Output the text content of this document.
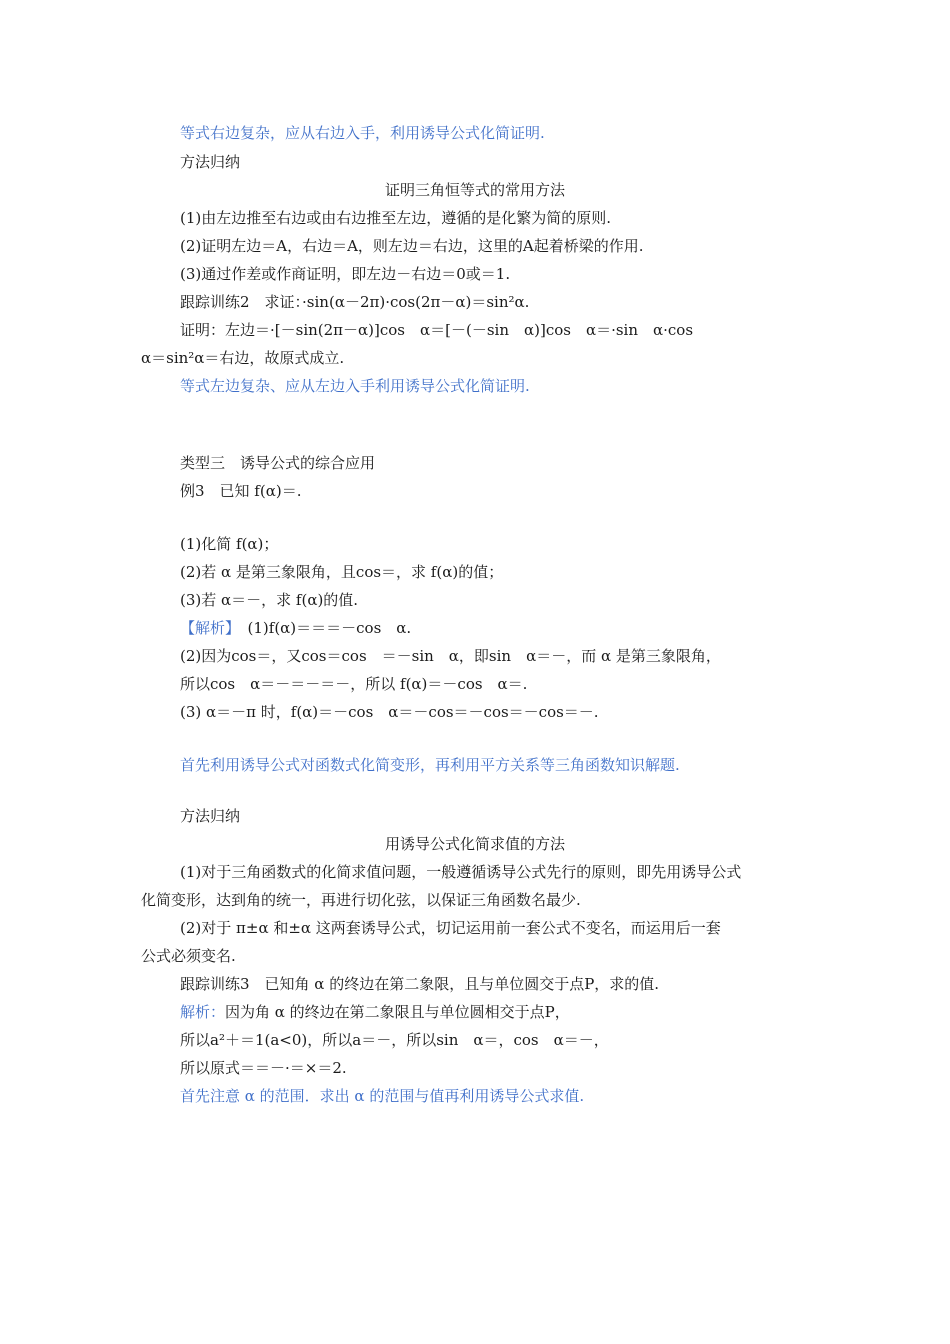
等式右边复杂，应从右边入手，利用诱导公式化简证明.
方法归纳
证明三角恒等式的常用方法
(1)由左边推至右边或由右边推至左边，遵循的是化繁为简的原则.
(2)证明左边＝A，右边＝A，则左边＝右边，这里的A起着桥梁的作用.
(3)通过作差或作商证明，即左边－右边＝0或＝1.
跟踪训练2　求证：·sin(α－2π)·cos(2π－α)＝sin²α.
证明：左边＝·[－sin(2π－α)]cos　α＝[－(－sin　α)]cos　α＝·sin　α·cos
α＝sin²α＝右边，故原式成立.
等式左边复杂、应从左边入手利用诱导公式化简证明.
类型三　诱导公式的综合应用
例3　已知 f(α)＝.
(1)化简 f(α)；
(2)若 α 是第三象限角，且cos＝，求 f(α)的值；
(3)若 α＝－，求 f(α)的值.
【解析】　(1)f(α)＝＝＝－cos　α.
(2)因为cos＝，又cos＝cos　＝－sin　α，即sin　α＝－，而 α 是第三象限角，
所以cos　α＝－＝－＝－，所以 f(α)＝－cos　α＝.
(3) α＝－π 时，f(α)＝－cos　α＝－cos＝－cos＝－cos＝－.
首先利用诱导公式对函数式化简变形，再利用平方关系等三角函数知识解题.
方法归纳
用诱导公式化简求值的方法
(1)对于三角函数式的化简求值问题，一般遵循诱导公式先行的原则，即先用诱导公式
化简变形，达到角的统一，再进行切化弦，以保证三角函数名最少.
(2)对于 π±α 和±α 这两套诱导公式，切记运用前一套公式不变名，而运用后一套
公式必须变名.
跟踪训练3　已知角 α 的终边在第二象限，且与单位圆交于点P，求的值.
解析：因为角 α 的终边在第二象限且与单位圆相交于点P，
所以a²＋＝1(a<0)，所以a＝－，所以sin　α＝，cos　α＝－，
所以原式＝＝－·＝×＝2.
首先注意 α 的范围．求出 α 的范围与值再利用诱导公式求值.
